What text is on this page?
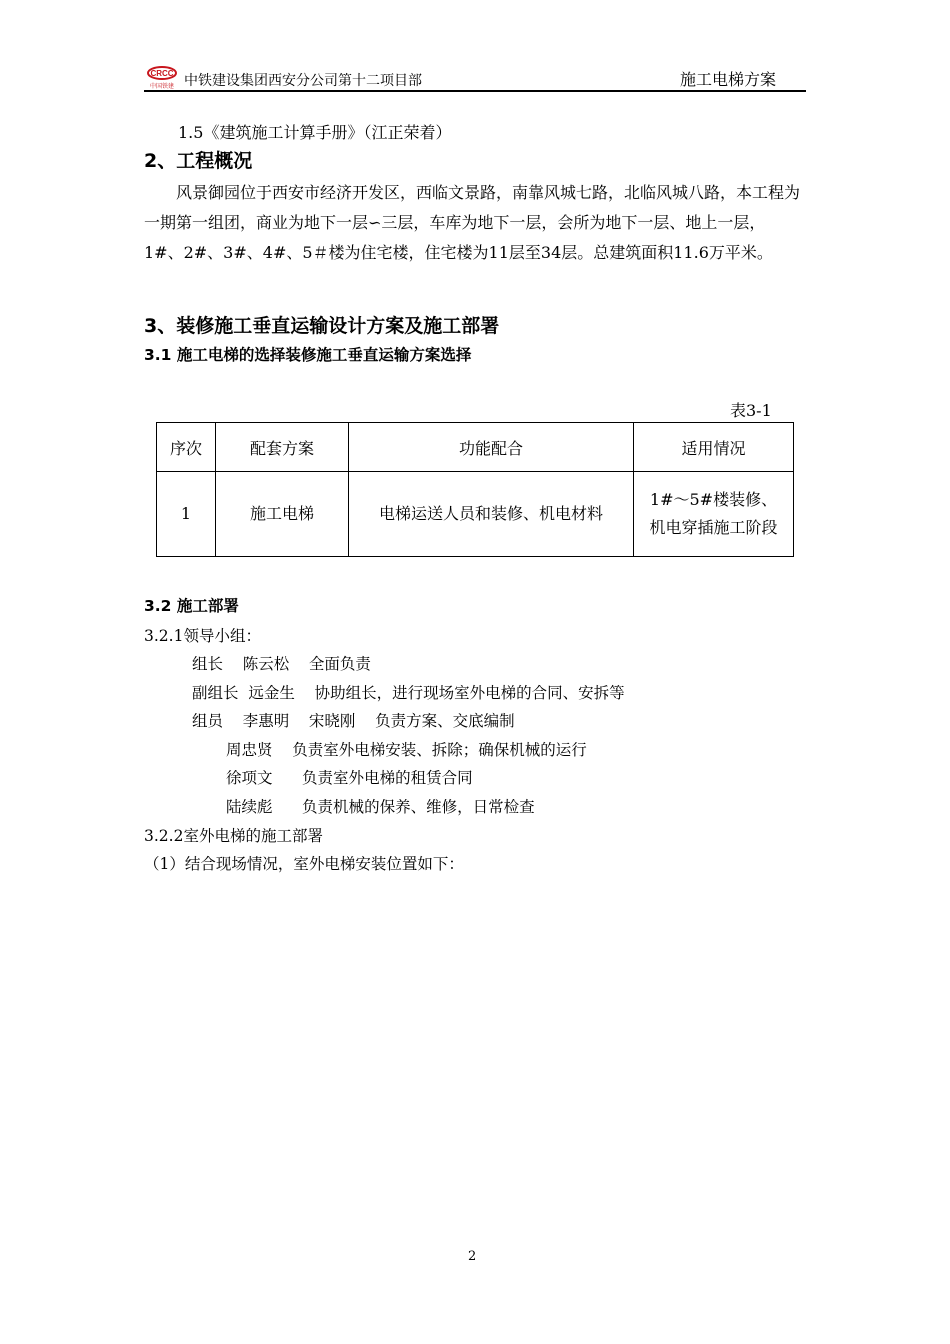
CRCC
中国铁建 中铁建设集团西安分公司第十二项目部	施工电梯方案
1.5《建筑施工计算手册》（江正荣着）
2、工程概况
风景御园位于西安市经济开发区，西临文景路，南靠风城七路，北临风城八路，本工程为一期第一组团，商业为地下一层∽三层，车库为地下一层，会所为地下一层、地上一层，1#、2#、3#、4#、5＃楼为住宅楼，住宅楼为11层至34层。总建筑面积11.6万平米。
3、装修施工垂直运输设计方案及施工部署
3.1 施工电梯的选择装修施工垂直运输方案选择
表3-1
序次	配套方案	功能配合	适用情况
1	施工电梯	电梯运送人员和装修、机电材料	1#～5#楼装修、机电穿插施工阶段
3.2 施工部署
3.2.1领导小组：
组长    陈云松    全面负责
副组长  远金生    协助组长，进行现场室外电梯的合同、安拆等
组员    李惠明    宋晓刚    负责方案、交底编制
周忠贤    负责室外电梯安装、拆除；确保机械的运行
徐项文      负责室外电梯的租赁合同
陆续彪      负责机械的保养、维修，日常检查
3.2.2室外电梯的施工部署
（1）结合现场情况，室外电梯安装位置如下：
2
